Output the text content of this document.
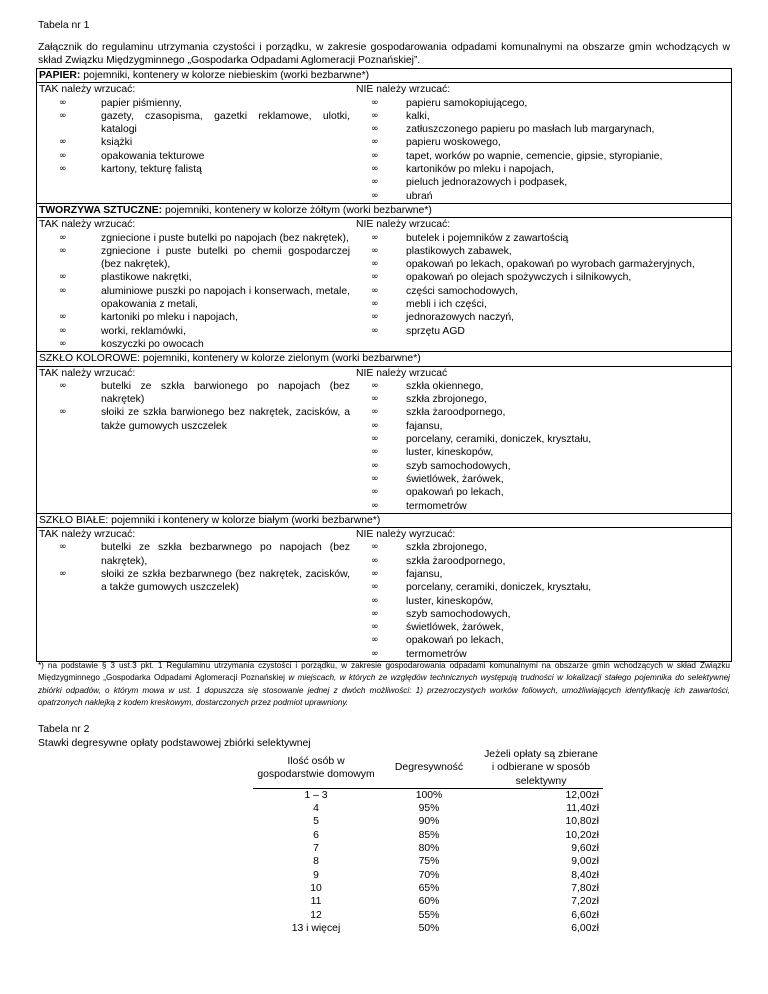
Tabela nr 1
Załącznik do regulaminu utrzymania czystości i porządku, w zakresie gospodarowania odpadami komunalnymi na obszarze gmin wchodzących w skład Związku Międzygminnego „Gospodarka Odpadami Aglomeracji Poznańskiej”.
PAPIER: pojemniki, kontenery w kolorze niebieskim (worki bezbarwne*)

TAK należy wrzucać:
∞	papier piśmienny,
∞	gazety, czasopisma, gazetki reklamowe, ulotki, katalogi
∞	książki
∞	opakowania tekturowe
∞	kartony, tekturę falistą
NIE należy wrzucać:
∞	papieru samokopiującego,
∞	kalki,
∞	zatłuszczonego papieru po masłach lub margarynach,
∞	papieru woskowego,
∞	tapet, worków po wapnie, cemencie, gipsie, styropianie,
∞	kartoników po mleku i napojach,
∞	pieluch jednorazowych i podpasek,
∞	ubrań

TWORZYWA SZTUCZNE: pojemniki, kontenery w kolorze żółtym (worki bezbarwne*)

TAK należy wrzucać:
∞	zgniecione i puste butelki po napojach (bez nakrętek),
∞	zgniecione i puste butelki po chemii gospodarczej (bez nakrętek),
∞	plastikowe nakrętki,
∞	aluminiowe puszki po napojach i konserwach, metale, opakowania z metali,
∞	kartoniki po mleku i napojach,
∞	worki, reklamówki,
∞	koszyczki po owocach
NIE należy wrzucać:
∞	butelek i pojemników z zawartością
∞	plastikowych zabawek,
∞	opakowań po lekach, opakowań po wyrobach garmażeryjnych,
∞	opakowań po olejach spożywczych i silnikowych,
∞	części samochodowych,
∞	mebli i ich części,
∞	jednorazowych naczyń,
∞	sprzętu AGD

SZKŁO KOLOROWE: pojemniki, kontenery w kolorze zielonym (worki bezbarwne*)

TAK należy wrzucać:
∞	butelki ze szkła barwionego po napojach (bez nakrętek)
∞	słoiki ze szkła barwionego bez nakrętek, zacisków, a także gumowych uszczelek
NIE należy wrzucać
∞	szkła okiennego,
∞	szkła zbrojonego,
∞	szkła żaroodpornego,
∞	fajansu,
∞	porcelany, ceramiki, doniczek, kryształu,
∞	luster, kineskopów,
∞	szyb samochodowych,
∞	świetlówek, żarówek,
∞	opakowań po lekach,
∞	termometrów

SZKŁO BIAŁE: pojemniki i kontenery w kolorze białym (worki bezbarwne*)

TAK należy wrzucać:
∞	butelki ze szkła bezbarwnego po napojach (bez nakrętek),
∞	słoiki ze szkła bezbarwnego (bez nakrętek, zacisków, a także gumowych uszczelek)
NIE należy wyrzucać:
∞	szkła zbrojonego,
∞	szkła żaroodpornego,
∞	fajansu,
∞	porcelany, ceramiki, doniczek, kryształu,
∞	luster, kineskopów,
∞	szyb samochodowych,
∞	świetlówek, żarówek,
∞	opakowań po lekach,
∞	termometrów
*) na podstawie § 3 ust.3 pkt. 1 Regulaminu utrzymania czystości i porządku, w zakresie gospodarowania odpadami komunalnymi na obszarze gmin wchodzących w skład Związku Międzygminnego „Gospodarka Odpadami Aglomeracji Poznańskiej w miejscach, w których ze względów technicznych występują trudności w lokalizacji stałego pojemnika do selektywnej zbiórki odpadów, o którym mowa w ust. 1 dopuszcza się stosowanie jednej z dwóch możliwości: 1) przezroczystych worków foliowych, umożliwiających identyfikację ich zawartości, opatrzonych naklejką z kodem kreskowym, dostarczonych przez podmiot uprawniony.
Tabela nr 2
Stawki degresywne opłaty podstawowej zbiórki selektywnej
Ilość osób w gospodarstwie domowym	Degresywność	Jeżeli opłaty są zbierane i odbierane w sposób selektywny
1 – 3	100%	12,00zł
4	95%	11,40zł
5	90%	10,80zł
6	85%	10,20zł
7	80%	9,60zł
8	75%	9,00zł
9	70%	8,40zł
10	65%	7,80zł
11	60%	7,20zł
12	55%	6,60zł
13 i więcej	50%	6,00zł
